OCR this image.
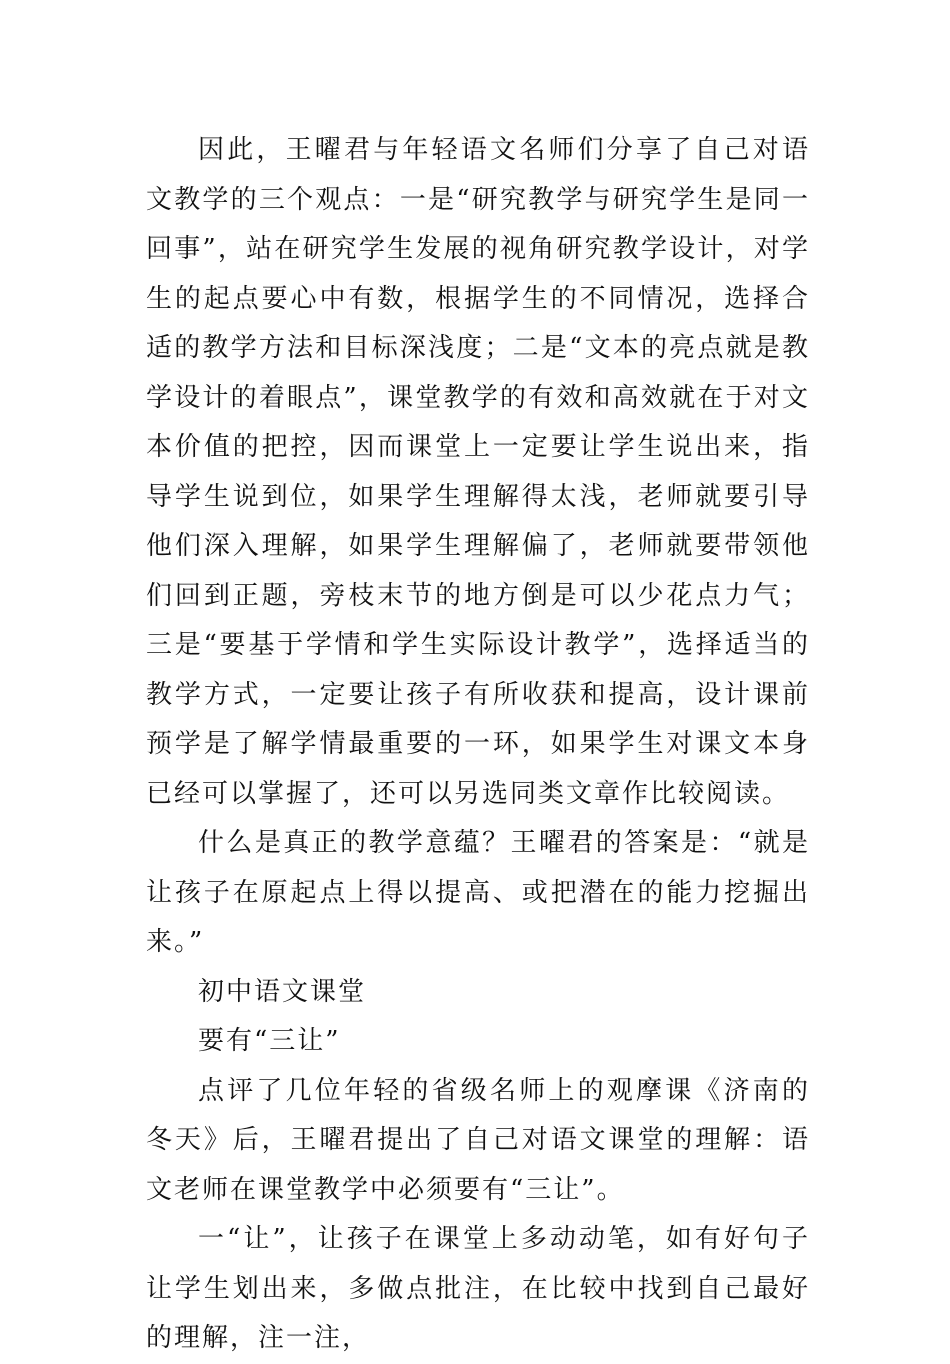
因此，王曜君与年轻语文名师们分享了自己对语文教学的三个观点：一是“研究教学与研究学生是同一回事”，站在研究学生发展的视角研究教学设计，对学生的起点要心中有数，根据学生的不同情况，选择合适的教学方法和目标深浅度；二是“文本的亮点就是教学设计的着眼点”，课堂教学的有效和高效就在于对文本价值的把控，因而课堂上一定要让学生说出来，指导学生说到位，如果学生理解得太浅，老师就要引导他们深入理解，如果学生理解偏了，老师就要带领他们回到正题，旁枝末节的地方倒是可以少花点力气；三是“要基于学情和学生实际设计教学”，选择适当的教学方式，一定要让孩子有所收获和提高，设计课前预学是了解学情最重要的一环，如果学生对课文本身已经可以掌握了，还可以另选同类文章作比较阅读。

什么是真正的教学意蕴？王曜君的答案是：“就是让孩子在原起点上得以提高、或把潜在的能力挖掘出来。”

初中语文课堂

要有“三让”

点评了几位年轻的省级名师上的观摩课《济南的冬天》后，王曜君提出了自己对语文课堂的理解：语文老师在课堂教学中必须要有“三让”。

一“让”，让孩子在课堂上多动动笔，如有好句子让学生划出来，多做点批注，在比较中找到自己最好的理解，注一注，
